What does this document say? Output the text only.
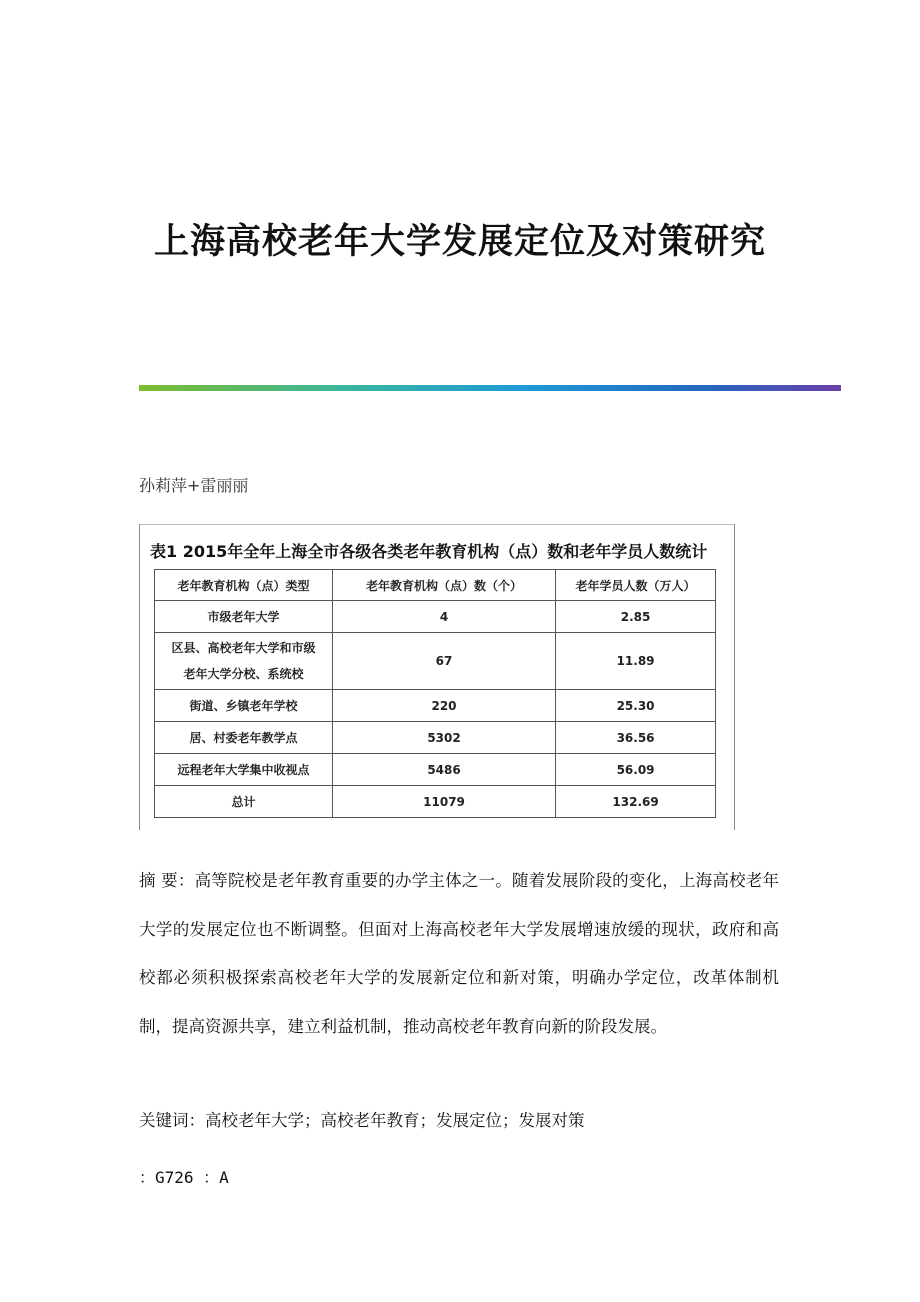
上海高校老年大学发展定位及对策研究
孙莉萍+雷丽丽
表1 2015年全年上海全市各级各类老年教育机构（点）数和老年学员人数统计
老年教育机构（点）类型	老年教育机构（点）数（个）	老年学员人数（万人）
市级老年大学	4	2.85

区县、高校老年大学和市级
老年大学分校、系统校	67	11.89
街道、乡镇老年学校	220	25.30
居、村委老年教学点	5302	36.56
远程老年大学集中收视点	5486	56.09
总计	11079	132.69
摘 要：高等院校是老年教育重要的办学主体之一。随着发展阶段的变化，上海高校老年大学的发展定位也不断调整。但面对上海高校老年大学发展增速放缓的现状，政府和高校都必须积极探索高校老年大学的发展新定位和新对策，明确办学定位，改革体制机制，提高资源共享，建立利益机制，推动高校老年教育向新的阶段发展。
关键词：高校老年大学；高校老年教育；发展定位；发展对策
：G726 ：A
